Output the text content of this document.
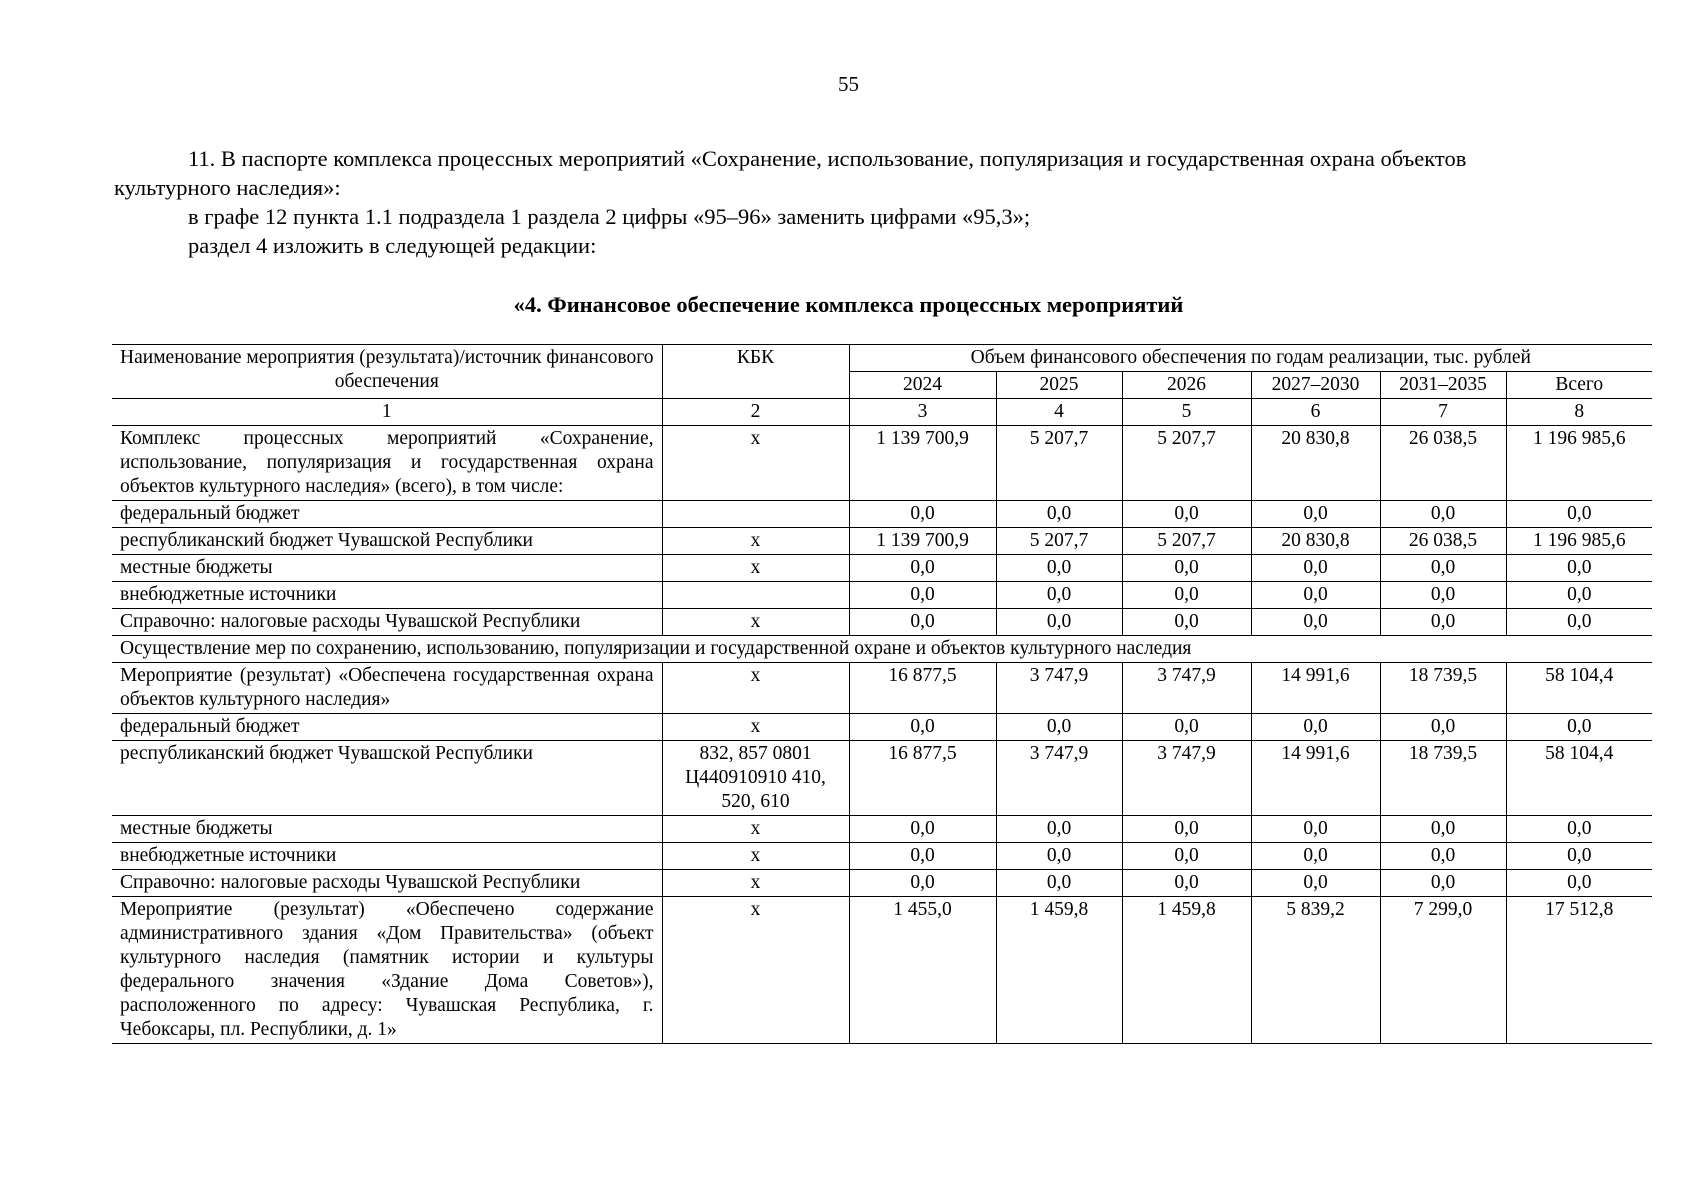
55

11. В паспорте комплекса процессных мероприятий «Сохранение, использование, популяризация и государственная охрана объектов культурного наследия»:

в графе 12 пункта 1.1 подраздела 1 раздела 2 цифры «95–96» заменить цифрами «95,3»;

раздел 4 изложить в следующей редакции:

«4. Финансовое обеспечение комплекса процессных мероприятий
Наименование мероприятия (результата)/источник финансового обеспечения	КБК	Объем финансового обеспечения по годам реализации, тыс. рублей					
		2024	2025	2026	2027–2030	2031–2035	Всего
1	2	3	4	5	6	7	8
Комплекс процессных мероприятий «Сохранение, использование, популяризация и государственная охрана объектов культурного наследия» (всего), в том числе:	х	1 139 700,9	5 207,7	5 207,7	20 830,8	26 038,5	1 196 985,6
федеральный бюджет		0,0	0,0	0,0	0,0	0,0	0,0
республиканский бюджет Чувашской Республики	х	1 139 700,9	5 207,7	5 207,7	20 830,8	26 038,5	1 196 985,6
местные бюджеты	х	0,0	0,0	0,0	0,0	0,0	0,0
внебюджетные источники		0,0	0,0	0,0	0,0	0,0	0,0
Справочно: налоговые расходы Чувашской Республики	х	0,0	0,0	0,0	0,0	0,0	0,0
Осуществление мер по сохранению, использованию, популяризации и государственной охране и объектов культурного наследия							
Мероприятие (результат) «Обеспечена государственная охрана объектов культурного наследия»	х	16 877,5	3 747,9	3 747,9	14 991,6	18 739,5	58 104,4
федеральный бюджет	х	0,0	0,0	0,0	0,0	0,0	0,0
республиканский бюджет Чувашской Республики	832, 857 0801 Ц440910910 410, 520, 610	16 877,5	3 747,9	3 747,9	14 991,6	18 739,5	58 104,4
местные бюджеты	х	0,0	0,0	0,0	0,0	0,0	0,0
внебюджетные источники	х	0,0	0,0	0,0	0,0	0,0	0,0
Справочно: налоговые расходы Чувашской Республики	х	0,0	0,0	0,0	0,0	0,0	0,0
Мероприятие (результат) «Обеспечено содержание административного здания «Дом Правительства» (объект культурного наследия (памятник истории и культуры федерального значения «Здание Дома Советов»), расположенного по адресу: Чувашская Республика, г. Чебоксары, пл. Республики, д. 1»	х	1 455,0	1 459,8	1 459,8	5 839,2	7 299,0	17 512,8
